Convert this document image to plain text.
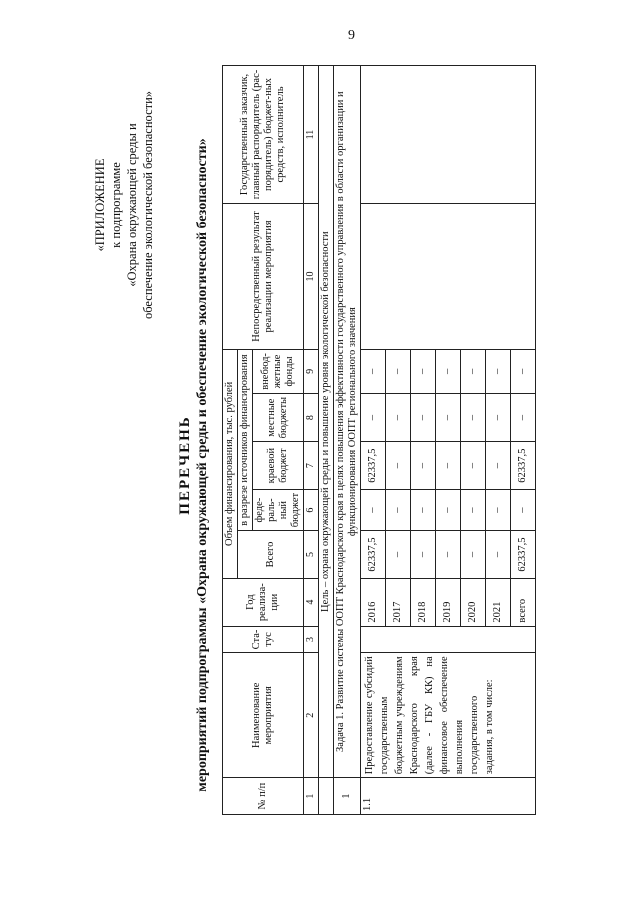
9
«ПРИЛОЖЕНИЕ к подпрограмме «Охрана окружающей среды и обеспечение экологической безопасности»
ПЕРЕЧЕНЬ мероприятий подпрограммы «Охрана окружающей среды и обеспечение экологической безопасности»
№ п/п	Наименование мероприятия	Ста-тус	Год реализа-ции	Объем финансирования, тыс. рублей					Непосредственный результат реализации мероприятия	Государственный заказчик, главный распорядитель (рас-порядитель) бюджет-ных средств, исполнитель
				Всего	в разрезе источников финансирования					
					феде-раль-ный бюджет	краевой бюджет	местные бюджеты	внебюд-жетные фонды		
1	2	3	4	5	6	7	8	9	10	11
	Цель – охрана окружающей среды и повышение уровня экологической безопасности									
1	Задача 1. Развитие системы ООПТ Краснодарского края в целях повышения эффективности государственного управления в области организации и функционирования ООПТ регионального значения									
1.1	Предоставление субсидий государственным бюджетным учреждениям Краснодарского края (далее - ГБУ КК) на финансовое обеспечение выполнения государственного задания, в том числе:		2016	62337,5	–	62337,5	–	–		
			2017	–	–	–	–	–		
			2018	–	–	–	–	–		
			2019	–	–	–	–	–		
			2020	–	–	–	–	–		
			2021	–	–	–	–	–		
			всего	62337,5	–	62337,5	–	–		
